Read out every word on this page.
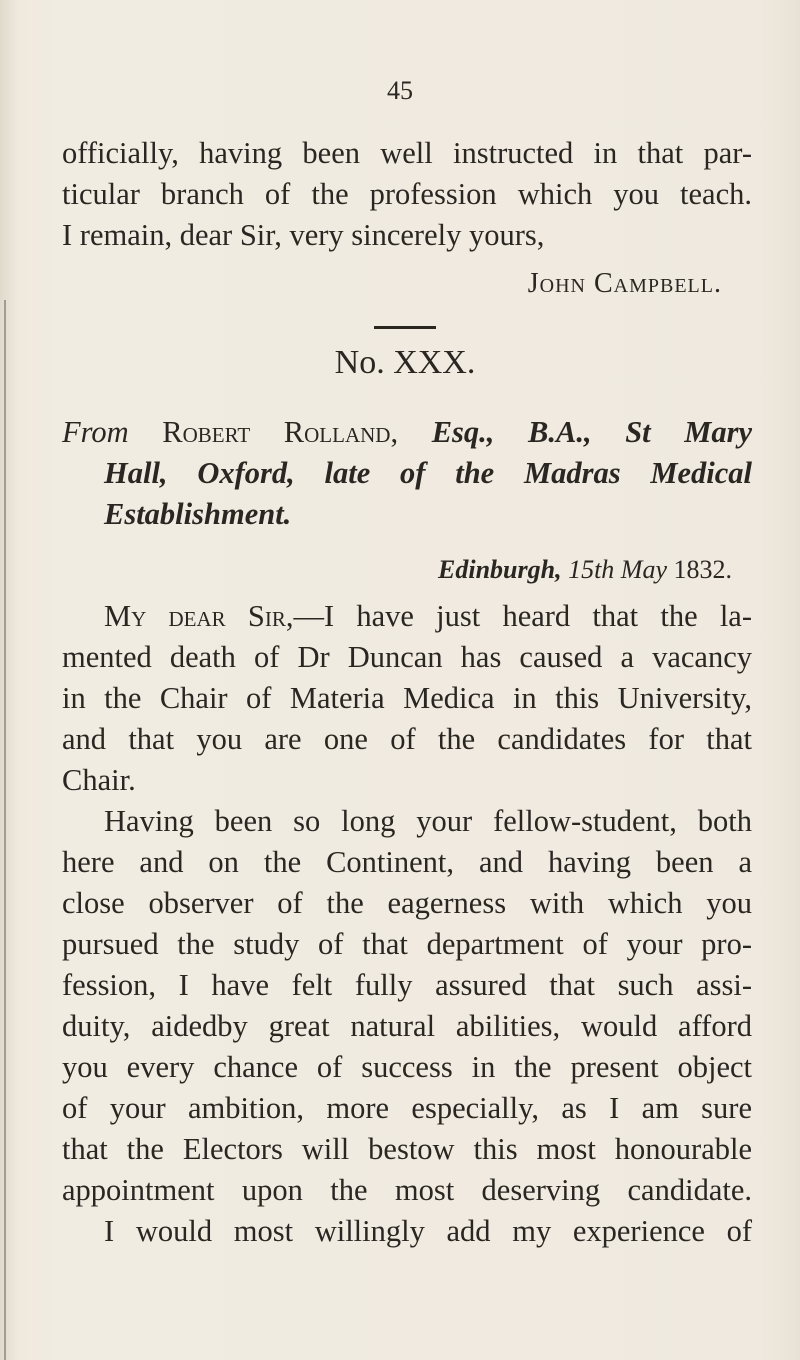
45
officially, having been well instructed in that par-
ticular branch of the profession which you teach.
I remain, dear Sir, very sincerely yours,
John Campbell.
No. XXX.
From Robert Rolland, Esq., B.A., St Mary
Hall, Oxford, late of the Madras Medical
Establishment.
Edinburgh, 15th May 1832.
My dear Sir,—I have just heard that the la-
mented death of Dr Duncan has caused a vacancy
in the Chair of Materia Medica in this University,
and that you are one of the candidates for that
Chair.
Having been so long your fellow-student, both
here and on the Continent, and having been a
close observer of the eagerness with which you
pursued the study of that department of your pro-
fession, I have felt fully assured that such assi-
duity, aidedby great natural abilities, would afford
you every chance of success in the present object
of your ambition, more especially, as I am sure
that the Electors will bestow this most honourable
appointment upon the most deserving candidate.
I would most willingly add my experience of
